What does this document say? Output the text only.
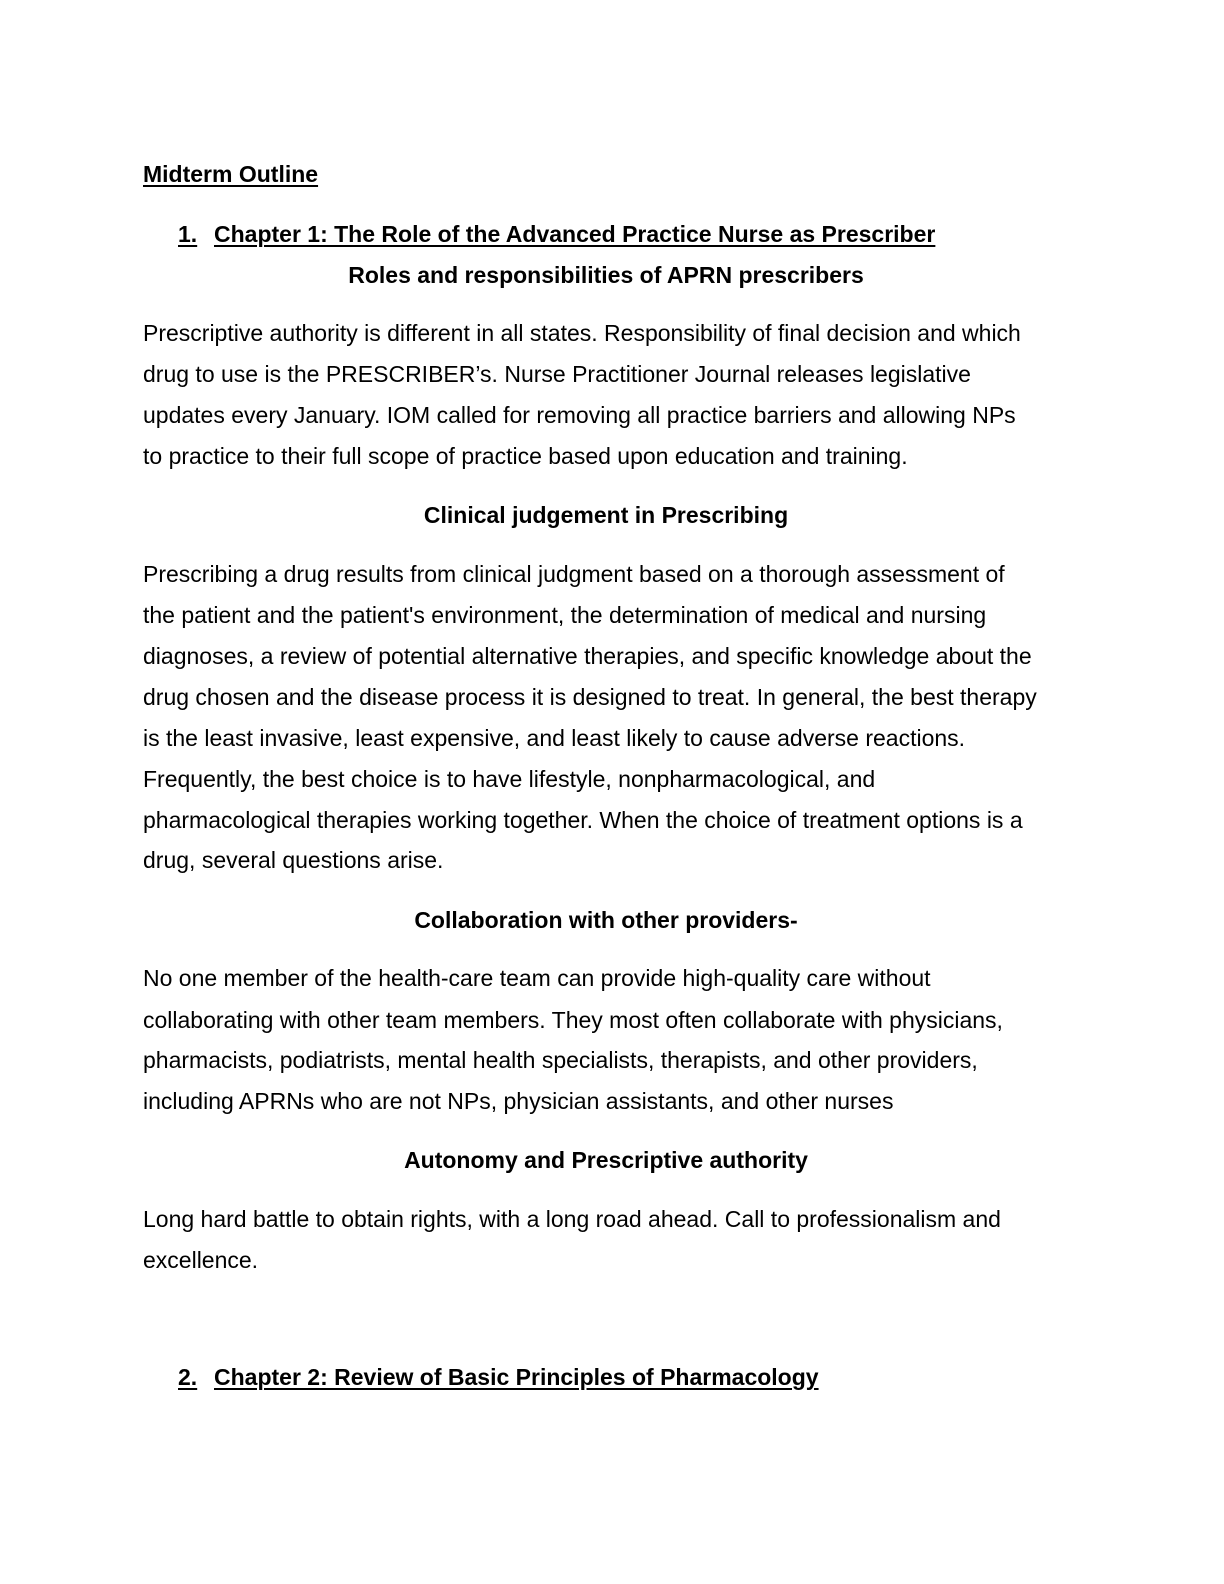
Midterm Outline
1. Chapter 1: The Role of the Advanced Practice Nurse as Prescriber
Roles and responsibilities of APRN prescribers
Prescriptive authority is different in all states. Responsibility of final decision and which
drug to use is the PRESCRIBER’s. Nurse Practitioner Journal releases legislative
updates every January. IOM called for removing all practice barriers and allowing NPs
to practice to their full scope of practice based upon education and training.
Clinical judgement in Prescribing
Prescribing a drug results from clinical judgment based on a thorough assessment of
the patient and the patient's environment, the determination of medical and nursing
diagnoses, a review of potential alternative therapies, and specific knowledge about the
drug chosen and the disease process it is designed to treat. In general, the best therapy
is the least invasive, least expensive, and least likely to cause adverse reactions.
Frequently, the best choice is to have lifestyle, nonpharmacological, and
pharmacological therapies working together. When the choice of treatment options is a
drug, several questions arise.
Collaboration with other providers-
No one member of the health-care team can provide high-quality care without
collaborating with other team members. They most often collaborate with physicians,
pharmacists, podiatrists, mental health specialists, therapists, and other providers,
including APRNs who are not NPs, physician assistants, and other nurses
Autonomy and Prescriptive authority
Long hard battle to obtain rights, with a long road ahead. Call to professionalism and
excellence.
2. Chapter 2: Review of Basic Principles of Pharmacology
